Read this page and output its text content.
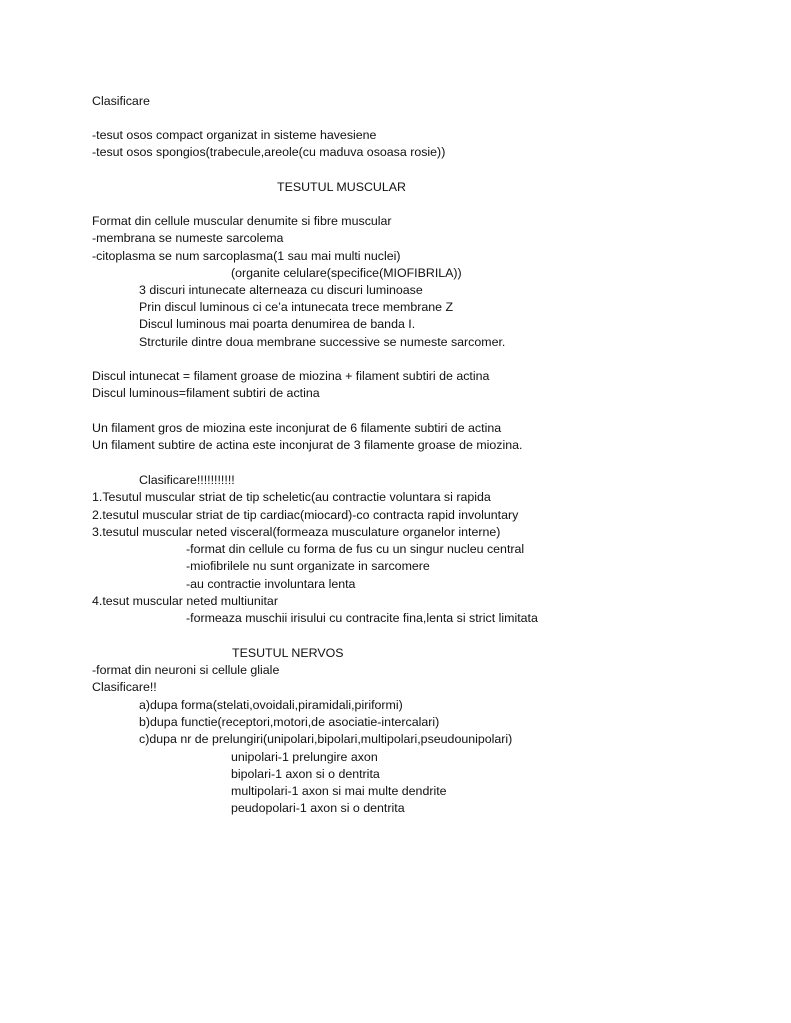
Clasificare

-tesut osos compact organizat in sisteme havesiene

-tesut osos spongios(trabecule,areole(cu maduva osoasa rosie))

TESUTUL MUSCULAR

Format din cellule muscular denumite si fibre muscular

-membrana se numeste sarcolema

-citoplasma se num sarcoplasma(1 sau mai multi nuclei)

(organite celulare(specifice(MIOFIBRILA))

3 discuri intunecate alterneaza cu discuri luminoase

Prin discul luminous ci ce’a intunecata trece membrane Z

Discul luminous mai poarta denumirea de banda I.

Strcturile dintre doua membrane successive se numeste sarcomer.

Discul intunecat = filament groase de miozina + filament subtiri de actina

Discul luminous=filament subtiri de actina

Un filament gros de miozina este inconjurat de 6 filamente subtiri de actina

Un filament subtire de actina este inconjurat de 3 filamente groase de miozina.

Clasificare!!!!!!!!!!!

1.Tesutul muscular striat de tip scheletic(au contractie voluntara si rapida

2.tesutul muscular striat de tip cardiac(miocard)-co contracta rapid involuntary

3.tesutul muscular neted visceral(formeaza musculature organelor interne)

-format din cellule cu forma de fus cu un singur nucleu central

-miofibrilele nu sunt organizate in sarcomere

-au contractie involuntara lenta

4.tesut muscular neted multiunitar

-formeaza muschii irisului cu contracite fina,lenta si strict limitata

TESUTUL NERVOS

-format din neuroni si cellule gliale

Clasificare!!

a)dupa forma(stelati,ovoidali,piramidali,piriformi)

b)dupa functie(receptori,motori,de asociatie-intercalari)

c)dupa nr de prelungiri(unipolari,bipolari,multipolari,pseudounipolari)

unipolari-1 prelungire axon

bipolari-1 axon si o dentrita

multipolari-1 axon si mai multe dendrite

peudopolari-1 axon si o dentrita
